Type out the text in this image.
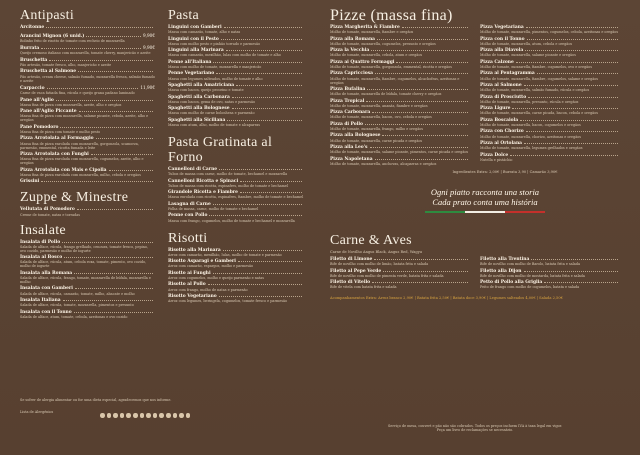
Antipasti
Arcitonne
Arancini Mignon (6 unid.)	9,90€
Bolinho frito de risotto de tomate com recheio de mozzarella
Burrata	9,90€
Queijo cremoso italiano com mozzarella, tomate cherry, manjericão e azeite
Bruschetta
Pão artesão, tomate fresco, alho, manjericão e azeite
Bruschetta al Salmone
Pão artesão, cream cheese, salmão fumado, mozzarella fresca, salmão fumado e azeite
Carpaccio	11,90€
Carne de vaca fatiada fina, rúcula e queijo grana padano laminado
Pane all'Aglio
Massa fina de pizza com mozzarella, azeite, alho e oregãos
Pane all'Aglio Piccante
Massa fina de pizza com mozzarella, salame picante, cebola, azeite, alho e oregãos
Pane Pomodoro
Massa fina de pizza com tomate e molho pesto
Pizza Arrotolata al Formaggio
Massa fina de pizza enrolada com mozzarella, gorgonzola, scamorza, parmesão, emmental, ricotta fumada e leite
Pizza Arrotolata con Funghi
Massa fina de pizza enrolada com mozzarella, cogumelos, azeite, alho e oregãos
Pizza Arrotolata con Mais e Cipolla
Massa fina de pizza enrolada com mozzarella, milho, cebola e oregãos
Grissini
Zuppe & Minestre
Vellutata di Pomodoro
Creme de tomate, natas e torradas
Insalate
Insalata di Pollo
Salada de alface, rúcula, frango grelhado, cenoura, tomate fresco, pepino, ovo cozido, parmesão e molho de iogurte
Insalata al Bosco
Salada de alface, rúcula, atum, cebola roxa, tomate, pimento, ovo cozido, molho de iogurte
Insalata alla Romana
Salada de alface, rúcula, frango, tomate, mozzarella de búfala, mozzarella e molho
Insalata con Gamberi
Salada de alface, rúcula, camarão, tomate, milho, abacate e molho
Insalata Italiana
Salada de alface, rúcula, tomate, mozzarella, pimentos e presunto
Insalata con il Tonno
Salada de alface, atum, tomate, cebola, azeitonas e ovo cozido
Pasta
Linguini con Gamberi
Massa com camarão, tomate, alho e natas
Linguini con il Pesto
Massa com molho pesto e pinhão torrado e parmesão
Linguini alla Marinara
Massa com camarão, mexilhão, lulas com molho de tomate e alho
Penne all'Italiana
Massa com molho de tomate, mozzarella e manjericão
Penne Vegetariano
Massa com legumes salteados, molho de tomate e alho
Spaghetti alla Amatriciana
Massa com bacon, queijo pecorino e tomate
Spaghetti alla Carbonara
Massa com bacon, gema de ovo, natas e parmesão
Spaghetti alla Bolognese
Massa com molho de carne bolonhesa e parmesão
Spaghetti alla Siciliana
Massa com atum, alho, molho de tomate e alcaparras
Pasta Gratinata al Forno
Cannelloni di Carne
Tubos de massa com carne, molho de tomate, bechamel e mozzarella
Cannelloni Ricotta e Spinaci
Tubos de massa com ricotta, espinafres, molho de tomate e bechamel
Girandole Ricotta e Fiambre
Massa enrolada com ricotta, espinafres, fiambre, molho de tomate e bechamel
Lasagna di Carne
Folha de massa, carne, molho de tomate e bechamel
Penne con Pollo
Massa com frango, cogumelos, molho de tomate e bechamel e mozzarella
Risotti
Risotto alla Marinara
Arroz com camarão, mexilhão, lulas, molho de tomate e parmesão
Risotto Asparagi e Gamberi
Arroz com camarão, espargos, molho e parmesão
Risotto ai Funghi
Arroz com cogumelos, molho e queijo parmesão e natas
Risotto al Pollo
Arroz com frango, molho de natas e parmesão
Risotto Vegetariano
Arroz com legumes, beringela, cogumelos, tomate fresco e parmesão
Pizze (massa fina)
Pizza Margherita & Fiambre
Molho de tomate, mozzarella, fiambre e oregãos
Pizza alla Romana
Molho de tomate, mozzarella, cogumelos, presunto e oregãos
Pizza la Vecchia
Molho de tomate, mozzarella, cebola, atum e oregãos
Pizza ai Quattro Formaggi
Molho de tomate, mozzarella, gorgonzola, emmental, ricotta e oregãos
Pizza Capricciosa
Molho de tomate, mozzarella, fiambre, cogumelos, alcachofras, azeitonas e oregãos
Pizza Bufalina
Molho de tomate, mozzarella de búfala, tomate cherry e oregãos
Pizza Tropical
Molho de tomate, mozzarella, ananás, fiambre e oregãos
Pizza Carbonara
Molho de tomate, mozzarella, bacon, ovo, cebola e oregãos
Pizza di Pollo
Molho de tomate, mozzarella, frango, milho e oregãos
Pizza alla Bolognese
Molho de tomate, mozzarella, carne picada e oregãos
Pizza alla Leo's
Molho de tomate, mozzarella, salame picante, pimentos, carne picada e oregãos
Pizza Napoletana
Molho de tomate, mozzarella, anchovas, alcaparras e oregãos
Pizza Vegetariana
Molho de tomate, mozzarella, pimentos, cogumelos, cebola, azeitonas e oregãos
Pizza con il Tonno
Molho de tomate, mozzarella, atum, cebola e oregãos
Pizza alla Diavola
Molho de tomate, mozzarella, salame picante e oregãos
Pizza Calzone
Molho de tomate, mozzarella, fiambre, cogumelos, ovo e oregãos
Pizza al Pentagramma
Molho de tomate, mozzarella, fiambre, cogumelos, salame e oregãos
Pizza al Salmone
Molho de tomate, mozzarella, salmão fumado, rúcula e oregãos
Pizza di Prosciutto
Molho de tomate, mozzarella, presunto, rúcula e oregãos
Pizza Ligure
Molho de tomate, mozzarella, carne picada, bacon, cebola e oregãos
Pizza Boscaiola
Molho de tomate, mozzarella, bacon, cogumelos e oregãos
Pizza con Chorizo
Molho de tomate, mozzarella, chorizo, azeitonas e oregãos
Pizza al Ortolana
Molho de tomate, mozzarella, legumes grelhados e oregãos
Pizza Dolce
Nutella e pistáchio
Ingredientes Extra: 2,00€ | Burrata 3,90 | Camarão 3,90€
Ogni piatto racconta una storia
Cada prato conta uma história
Carne & Aves
Carne de Novilho Angus Black, Angus Red, Wagyu
Filetto di Limone
Bife de novilho com molho de limão, batata frita e salada
Filetto al Pepe Verde
Bife de novilho com molho de pimenta verde, batata frita e salada
Filetto di Vitello
Bife de vitela com batata frita e salada
Filetto alla Trentina
Bife de novilho com molho de Barolo, batata frita e salada
Filetto alla Dijon
Bife de novilho com molho de mostarda, batata frita e salada
Petto di Pollo alla Griglia
Peito de frango com molho de cogumelos, batata e salada
Acompanhamentos Extra: Arroz branco 2,90€ | Batata frita 2,50€ | Batata doce 3,90€ | Legumes salteados 4,00€ | Salada 2,50€
Se sofrer de alergia alimentar ou for uma dieta especial, agradecemos que nos informe.
Lista de Alergénios
Serviço de mesa, couvert e pão não são cobrados. Todos os preços incluem IVA à taxa legal em vigor.
Peça um livro de reclamações se necessário.
